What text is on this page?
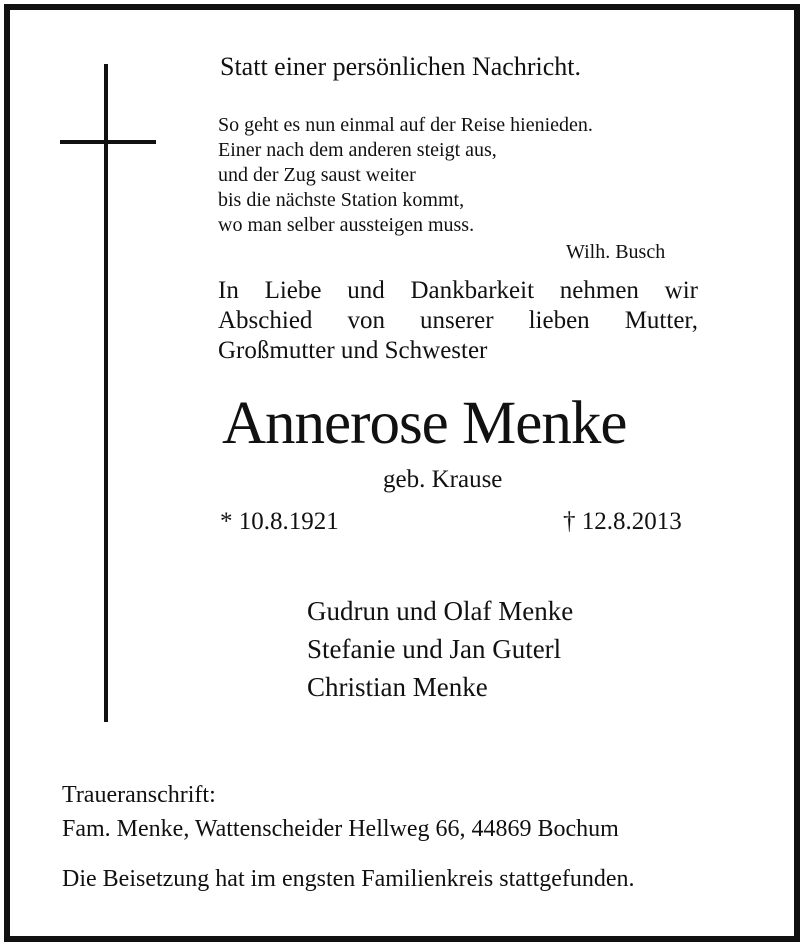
Statt einer persönlichen Nachricht.

So geht es nun einmal auf der Reise hienieden.
Einer nach dem anderen steigt aus,
und der Zug saust weiter
bis die nächste Station kommt,
wo man selber aussteigen muss.

Wilh. Busch

In Liebe und Dankbarkeit nehmen wir
Abschied von unserer lieben Mutter,
Großmutter und Schwester

Annerose Menke

geb. Krause

* 10.8.1921	† 12.8.2013

Gudrun und Olaf Menke
Stefanie und Jan Guterl
Christian Menke

Traueranschrift:

Fam. Menke, Wattenscheider Hellweg 66, 44869 Bochum

Die Beisetzung hat im engsten Familienkreis stattgefunden.
